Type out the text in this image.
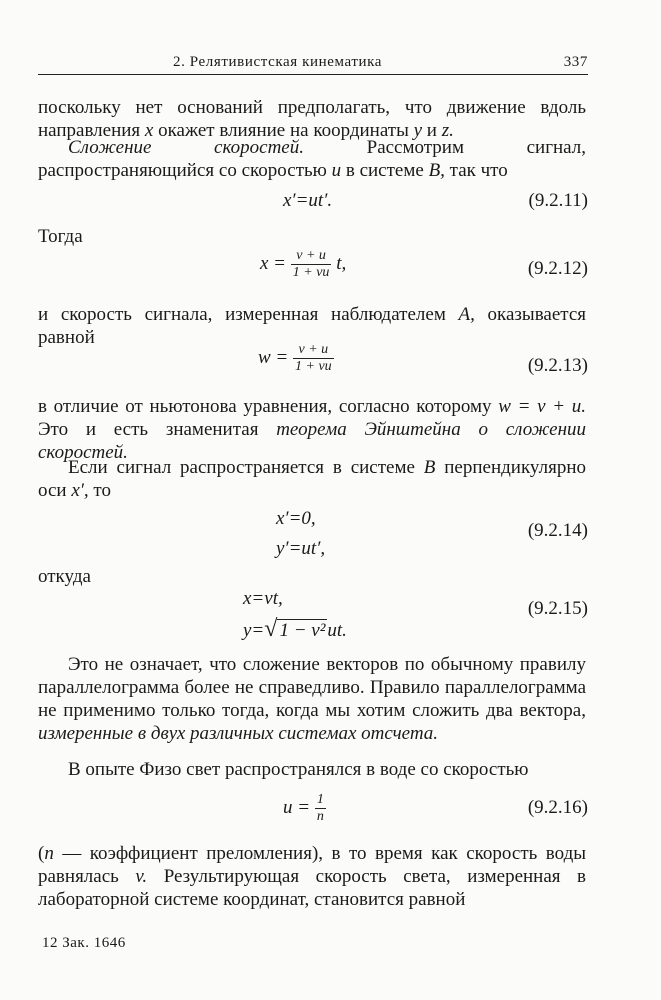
2. Релятивистская кинематика	337
поскольку нет оснований предполагать, что движение вдоль направления x окажет влияние на координаты y и z.
Сложение скоростей.	Рассмотрим сигнал, распространяющийся со скоростью u в системе B, так что
x′=ut′.	(9.2.11)
Тогда
$x = \frac{v + u}{1 + vu} t$,	(9.2.12)
и скорость сигнала, измеренная наблюдателем A, оказывается равной
$w = \frac{v + u}{1 + vu}$	(9.2.13)
в отличие от ньютонова уравнения, согласно которому w = v + u. Это и есть знаменитая теорема Эйнштейна о сложении скоростей.
Если сигнал распространяется в системе B перпендикулярно оси x′, то
x′=0,
y′=ut′,
(9.2.14)
откуда
x=vt,
y=√ 1 − v²ut.
(9.2.15)
Это не означает, что сложение векторов по обычному правилу параллелограмма более не справедливо. Правило параллелограмма не применимо только тогда, когда мы хотим сложить два вектора, измеренные в двух различных системах отсчета.
В опыте Физо свет распространялся в воде со скоростью
$u = \frac{1}{n}$	(9.2.16)
(n — коэффициент преломления), в то время как скорость воды равнялась v. Результирующая скорость света, измеренная в лабораторной системе координат, становится равной
12 Зак. 1646
